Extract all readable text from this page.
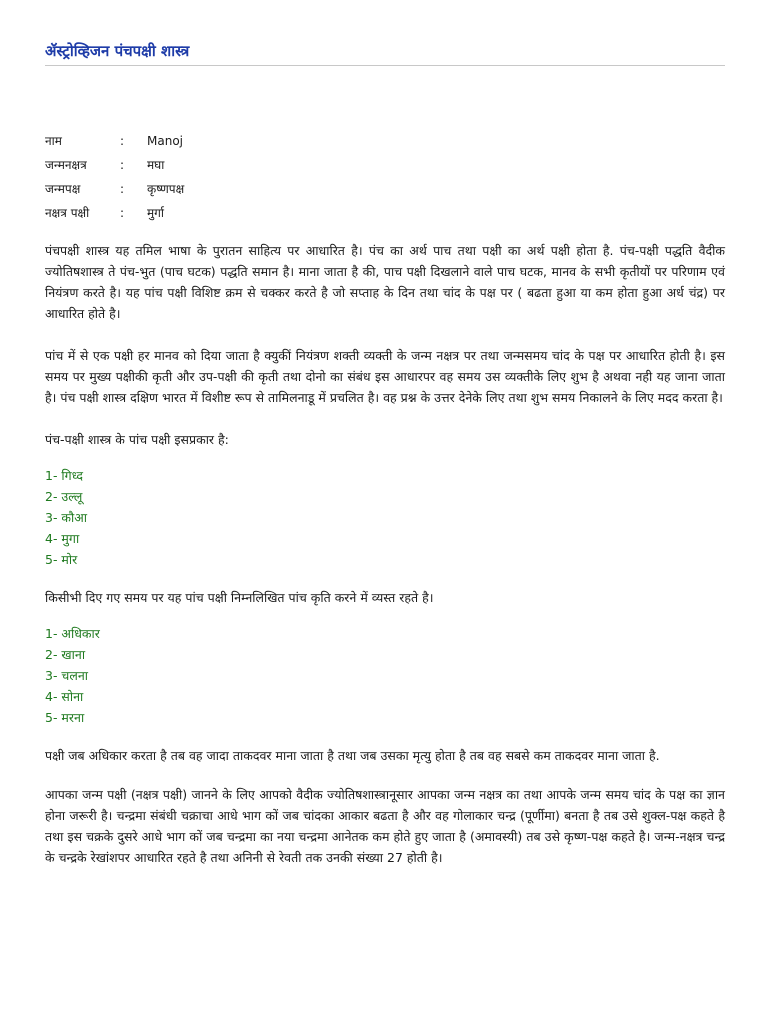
ॲस्ट्रोव्हिजन पंचपक्षी शास्त्र
नाम	:	Manoj
जन्मनक्षत्र	:	मघा
जन्मपक्ष	:	कृष्णपक्ष
नक्षत्र पक्षी	:	मुर्गा

पंचपक्षी शास्त्र यह तमिल भाषा के पुरातन साहित्य पर आधारित है। पंच का अर्थ पाच तथा पक्षी का अर्थ पक्षी होता है. पंच-पक्षी पद्धति वैदीक ज्योतिषशास्त्र ते पंच-भुत (पाच घटक) पद्धति समान है। माना जाता है की, पाच पक्षी दिखलाने वाले पाच घटक, मानव के सभी कृतीयों पर परिणाम एवं नियंत्रण करते है। यह पांच पक्षी विशिष्ट क्रम से चक्कर करते है जो सप्ताह के दिन तथा चांद के पक्ष पर ( बढता हुआ या कम होता हुआ अर्ध चंद्र) पर आधारित होते है।

पांच में से एक पक्षी हर मानव को दिया जाता है क्युकीं नियंत्रण शक्ती व्यक्ती के जन्म नक्षत्र पर तथा जन्मसमय चांद के पक्ष पर आधारित होती है। इस समय पर मुख्य पक्षीकी कृती और उप-पक्षी की कृती तथा दोनो का संबंध इस आधारपर वह समय उस व्यक्तीके लिए शुभ है अथवा नही यह जाना जाता है। पंच पक्षी शास्त्र दक्षिण भारत में विशीष्ट रूप से तामिलनाडू में प्रचलित है। वह प्रश्न के उत्तर देनेके लिए तथा शुभ समय निकालने के लिए मदद करता है।

पंच-पक्षी शास्त्र के पांच पक्षी इसप्रकार है:

1- गिध्द
2- उल्लू
3- कौआ
4- मुगा
5- मोर

किसीभी दिए गए समय पर यह पांच पक्षी निम्नलिखित पांच कृति करने में व्यस्त रहते है।

1- अधिकार
2- खाना
3- चलना
4- सोना
5- मरना

पक्षी जब अधिकार करता है तब वह जादा ताकदवर माना जाता है तथा जब उसका मृत्यु होता है तब वह सबसे कम ताकदवर माना जाता है.

आपका जन्म पक्षी (नक्षत्र पक्षी) जानने के लिए आपको वैदीक ज्योतिषशास्त्रानूसार आपका जन्म नक्षत्र का तथा आपके जन्म समय चांद के पक्ष का ज्ञान होना जरूरी है। चन्द्रमा संबंधी चक्राचा आधे भाग कों जब चांदका आकार बढता है और वह गोलाकार चन्द्र (पूर्णीमा) बनता है तब उसे शुक्ल-पक्ष कहते है तथा इस चक्रके दुसरे आधे भाग कों जब चन्द्रमा का नया चन्द्रमा आनेतक कम होते हुए जाता है (अमावस्यी) तब उसे कृष्ण-पक्ष कहते है। जन्म-नक्षत्र चन्द्र के चन्द्रके रेखांशपर आधारित रहते है तथा अनिनी से रेवती तक उनकी संख्या 27 होती है।
